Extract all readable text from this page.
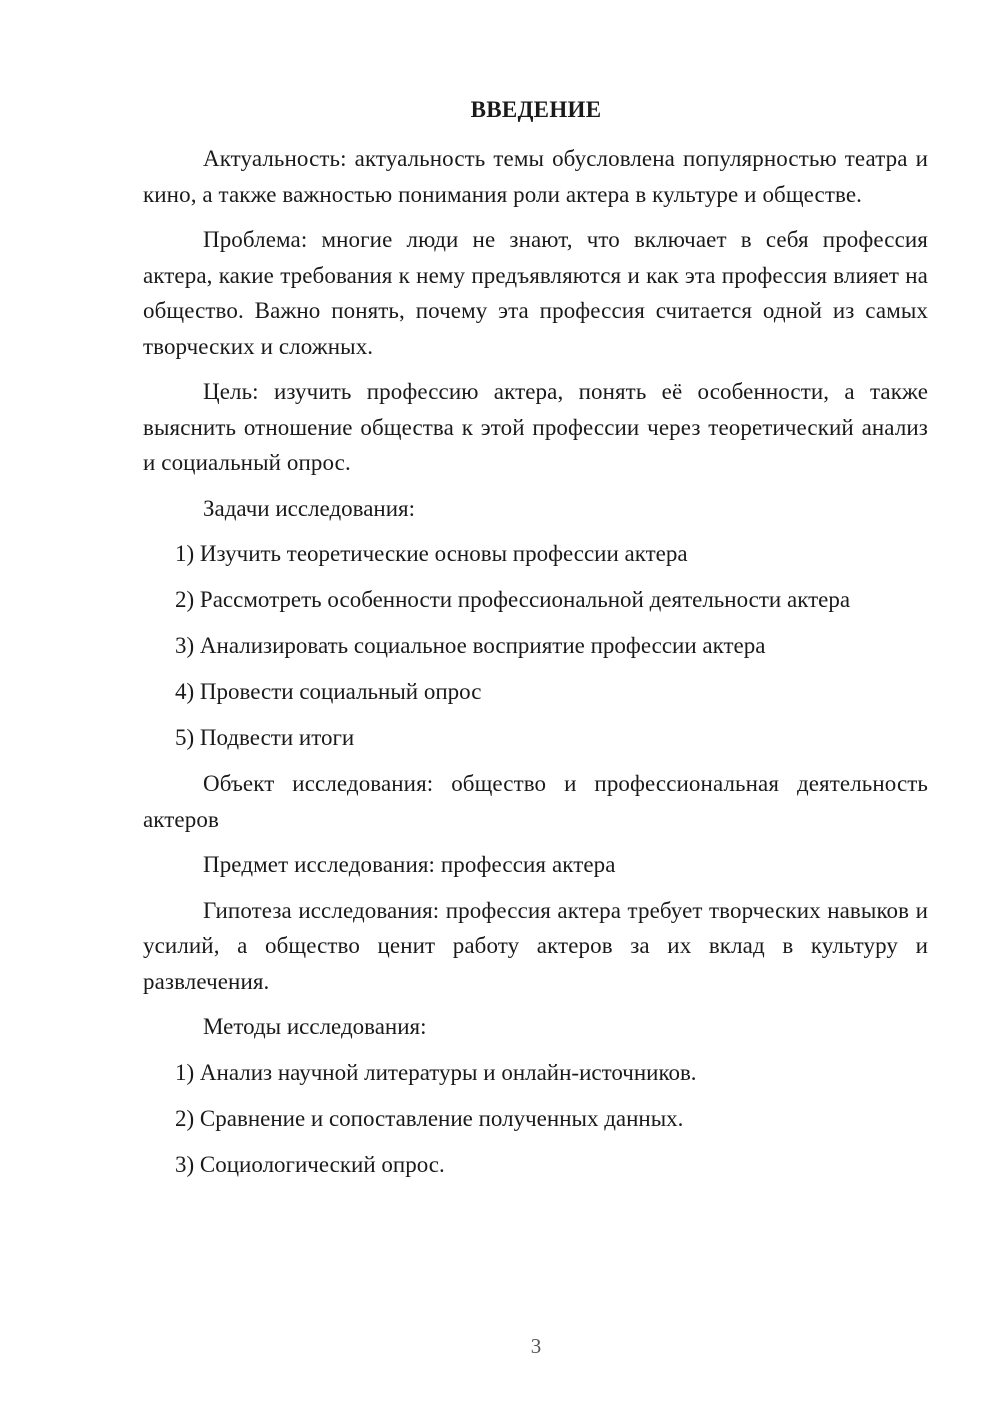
ВВЕДЕНИЕ

Актуальность: актуальность темы обусловлена популярностью театра и кино, а также важностью понимания роли актера в культуре и обществе.

Проблема: многие люди не знают, что включает в себя профессия актера, какие требования к нему предъявляются и как эта профессия влияет на общество. Важно понять, почему эта профессия считается одной из самых творческих и сложных.

Цель: изучить профессию актера, понять её особенности, а также выяснить отношение общества к этой профессии через теоретический анализ и социальный опрос.

Задачи исследования:
1) Изучить теоретические основы профессии актера
2) Рассмотреть особенности профессиональной деятельности актера
3) Анализировать социальное восприятие профессии актера
4) Провести социальный опрос
5) Подвести итоги

Объект исследования: общество и профессиональная деятельность актеров

Предмет исследования: профессия актера

Гипотеза исследования: профессия актера требует творческих навыков и усилий, а общество ценит работу актеров за их вклад в культуру и развлечения.

Методы исследования:
1) Анализ научной литературы и онлайн-источников.
2) Сравнение и сопоставление полученных данных.
3) Социологический опрос.
3
